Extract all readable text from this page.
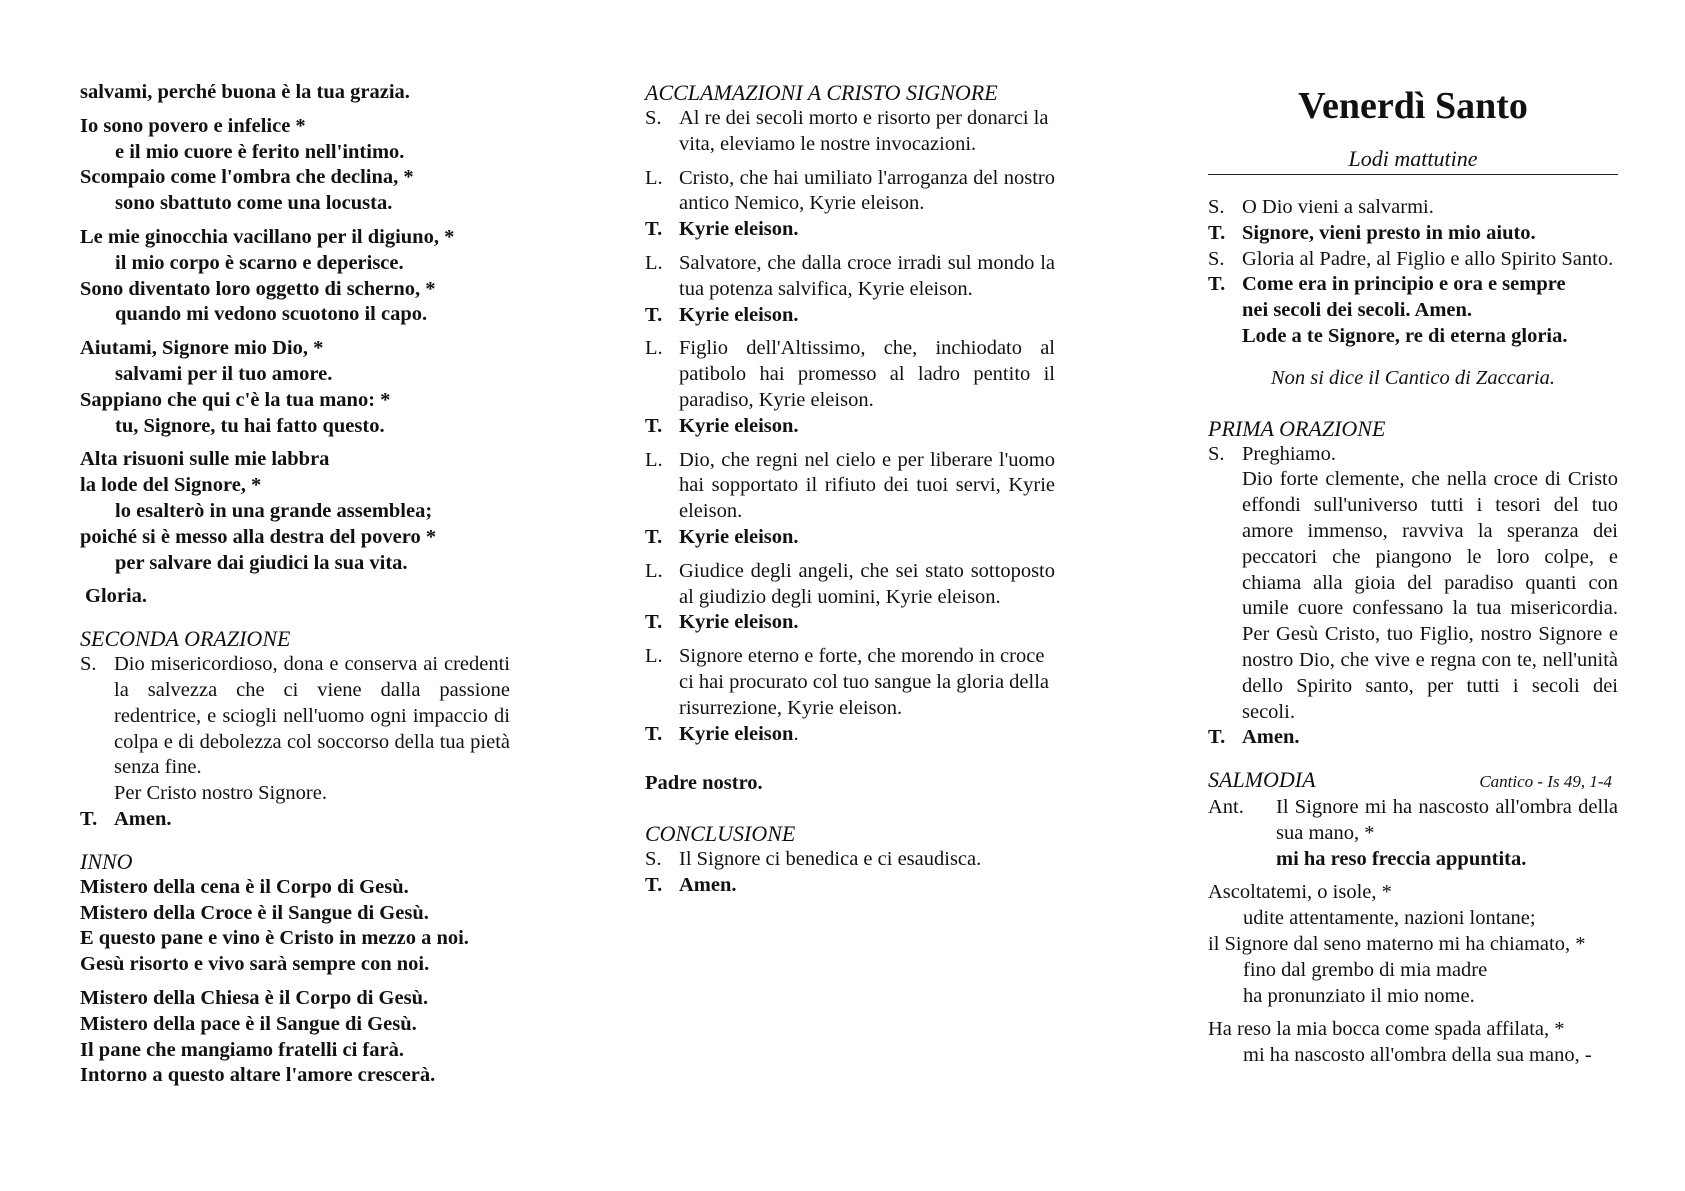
salvami, perché buona è la tua grazia.
Io sono povero e infelice *
e il mio cuore è ferito nell'intimo.
Scompaio come l'ombra che declina, *
sono sbattuto come una locusta.
Le mie ginocchia vacillano per il digiuno, *
il mio corpo è scarno e deperisce.
Sono diventato loro oggetto di scherno, *
quando mi vedono scuotono il capo.
Aiutami, Signore mio Dio, *
salvami per il tuo amore.
Sappiano che qui c'è la tua mano: *
tu, Signore, tu hai fatto questo.
Alta risuoni sulle mie labbra
la lode del Signore, *
lo esalterò in una grande assemblea;
poiché si è messo alla destra del povero *
per salvare dai giudici la sua vita.
Gloria.
SECONDA ORAZIONE
S. Dio misericordioso, dona e conserva ai credenti la salvezza che ci viene dalla passione redentrice, e sciogli nell'uomo ogni impaccio di colpa e di debolezza col soccorso della tua pietà senza fine.
Per Cristo nostro Signore.
T. Amen.
INNO
Mistero della cena è il Corpo di Gesù.
Mistero della Croce è il Sangue di Gesù.
E questo pane e vino è Cristo in mezzo a noi.
Gesù risorto e vivo sarà sempre con noi.
Mistero della Chiesa è il Corpo di Gesù.
Mistero della pace è il Sangue di Gesù.
Il pane che mangiamo fratelli ci farà.
Intorno a questo altare l'amore crescerà.
ACCLAMAZIONI A CRISTO SIGNORE
S. Al re dei secoli morto e risorto per donarci la vita, eleviamo le nostre invocazioni.
L. Cristo, che hai umiliato l'arroganza del nostro antico Nemico, Kyrie eleison.
T. Kyrie eleison.
L. Salvatore, che dalla croce irradi sul mondo la tua potenza salvifica, Kyrie eleison.
T. Kyrie eleison.
L. Figlio dell'Altissimo, che, inchiodato al patibolo hai promesso al ladro pentito il paradiso, Kyrie eleison.
T. Kyrie eleison.
L. Dio, che regni nel cielo e per liberare l'uomo hai sopportato il rifiuto dei tuoi servi, Kyrie eleison.
T. Kyrie eleison.
L. Giudice degli angeli, che sei stato sottoposto al giudizio degli uomini, Kyrie eleison.
T. Kyrie eleison.
L. Signore eterno e forte, che morendo in croce ci hai procurato col tuo sangue la gloria della risurrezione, Kyrie eleison.
T. Kyrie eleison.
Padre nostro.
CONCLUSIONE
S. Il Signore ci benedica e ci esaudisca.
T. Amen.
Venerdì Santo
Lodi mattutine
S. O Dio vieni a salvarmi.
T. Signore, vieni presto in mio aiuto.
S. Gloria al Padre, al Figlio e allo Spirito Santo.
T. Come era in principio e ora e sempre
nei secoli dei secoli. Amen.
Lode a te Signore, re di eterna gloria.
Non si dice il Cantico di Zaccaria.
PRIMA ORAZIONE
S. Preghiamo.
Dio forte clemente, che nella croce di Cristo effondi sull'universo tutti i tesori del tuo amore immenso, ravviva la speranza dei peccatori che piangono le loro colpe, e chiama alla gioia del paradiso quanti con umile cuore confessano la tua misericordia. Per Gesù Cristo, tuo Figlio, nostro Signore e nostro Dio, che vive e regna con te, nell'unità dello Spirito santo, per tutti i secoli dei secoli.
T. Amen.
SALMODIA	Cantico - Is 49, 1-4
Ant.	Il Signore mi ha nascosto all'ombra della sua mano, *
mi ha reso freccia appuntita.
Ascoltatemi, o isole, *
udite attentamente, nazioni lontane;
il Signore dal seno materno mi ha chiamato, *
fino dal grembo di mia madre
ha pronunziato il mio nome.
Ha reso la mia bocca come spada affilata, *
mi ha nascosto all'ombra della sua mano, -
